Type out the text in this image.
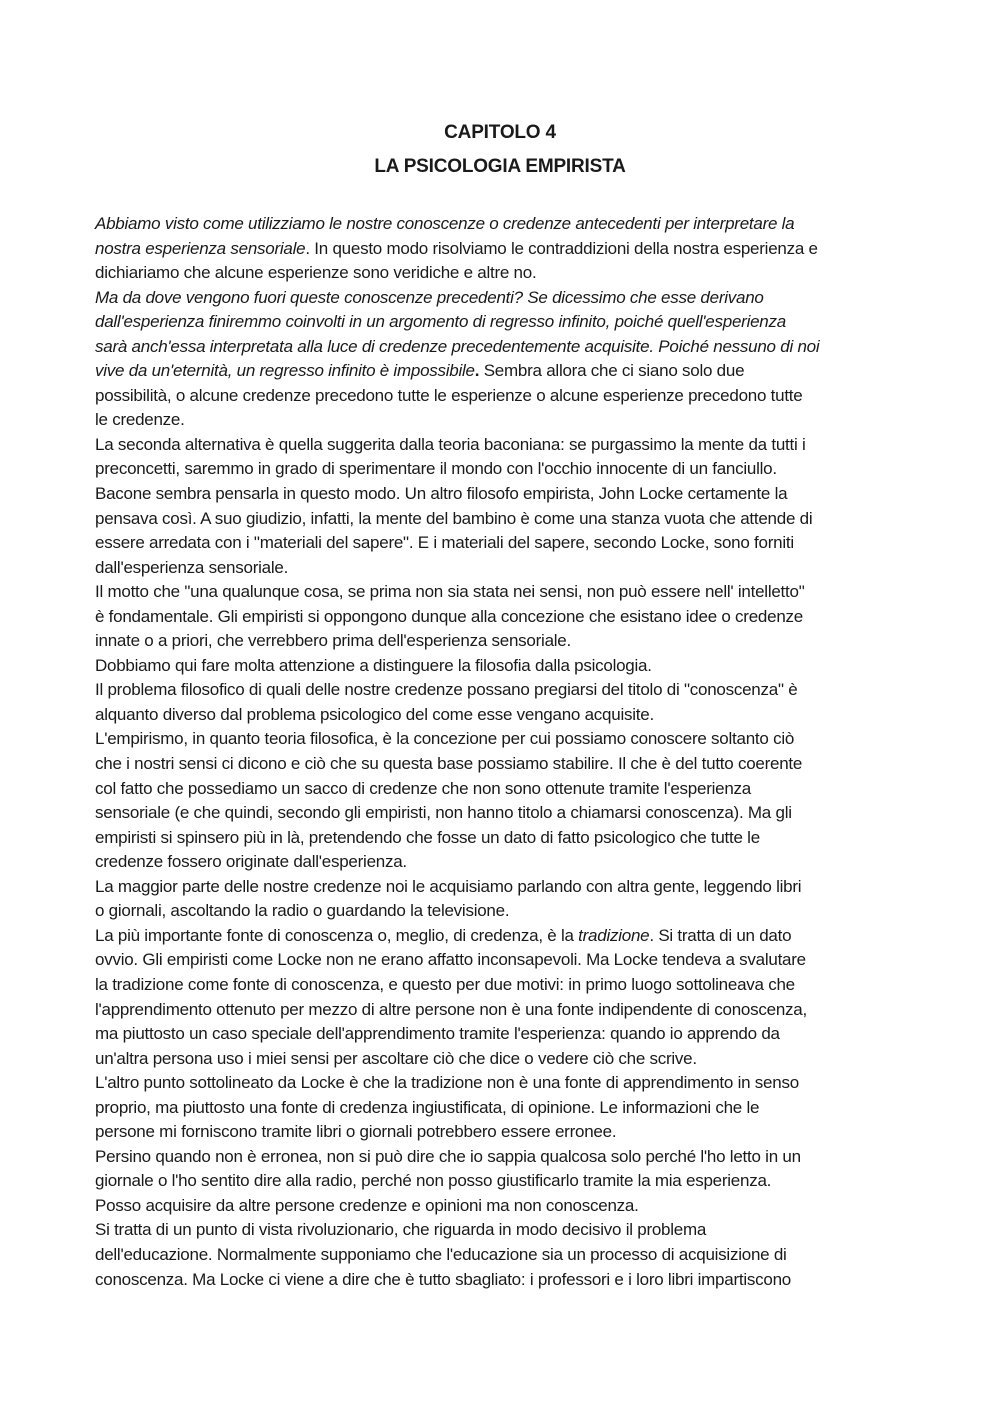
CAPITOLO 4
LA PSICOLOGIA EMPIRISTA
Abbiamo visto come utilizziamo le nostre conoscenze o credenze antecedenti per interpretare la
nostra esperienza sensoriale. In questo modo risolviamo le contraddizioni della nostra esperienza e
dichiariamo che alcune esperienze sono veridiche e altre no.
Ma da dove vengono fuori queste conoscenze precedenti? Se dicessimo che esse derivano
dall'esperienza finiremmo coinvolti in un argomento di regresso infinito, poiché quell'esperienza
sarà anch'essa interpretata alla luce di credenze precedentemente acquisite. Poiché nessuno di noi
vive da un'eternità, un regresso infinito è impossibile. Sembra allora che ci siano solo due
possibilità, o alcune credenze precedono tutte le esperienze o alcune esperienze precedono tutte
le credenze.
La seconda alternativa è quella suggerita dalla teoria baconiana: se purgassimo la mente da tutti i
preconcetti, saremmo in grado di sperimentare il mondo con l'occhio innocente di un fanciullo.
Bacone sembra pensarla in questo modo. Un altro filosofo empirista, John Locke certamente la
pensava così. A suo giudizio, infatti, la mente del bambino è come una stanza vuota che attende di
essere arredata con i "materiali del sapere". E i materiali del sapere, secondo Locke, sono forniti
dall'esperienza sensoriale.
Il motto che "una qualunque cosa, se prima non sia stata nei sensi, non può essere nell' intelletto"
è fondamentale. Gli empiristi si oppongono dunque alla concezione che esistano idee o credenze
innate o a priori, che verrebbero prima dell'esperienza sensoriale.
Dobbiamo qui fare molta attenzione a distinguere la filosofia dalla psicologia.
Il problema filosofico di quali delle nostre credenze possano pregiarsi del titolo di "conoscenza" è
alquanto diverso dal problema psicologico del come esse vengano acquisite.
L'empirismo, in quanto teoria filosofica, è la concezione per cui possiamo conoscere soltanto ciò
che i nostri sensi ci dicono e ciò che su questa base possiamo stabilire. Il che è del tutto coerente
col fatto che possediamo un sacco di credenze che non sono ottenute tramite l'esperienza
sensoriale (e che quindi, secondo gli empiristi, non hanno titolo a chiamarsi conoscenza). Ma gli
empiristi si spinsero più in là, pretendendo che fosse un dato di fatto psicologico che tutte le
credenze fossero originate dall'esperienza.
La maggior parte delle nostre credenze noi le acquisiamo parlando con altra gente, leggendo libri
o giornali, ascoltando la radio o guardando la televisione.
La più importante fonte di conoscenza o, meglio, di credenza, è la tradizione. Si tratta di un dato
ovvio. Gli empiristi come Locke non ne erano affatto inconsapevoli. Ma Locke tendeva a svalutare
la tradizione come fonte di conoscenza, e questo per due motivi: in primo luogo sottolineava che
l'apprendimento ottenuto per mezzo di altre persone non è una fonte indipendente di conoscenza,
ma piuttosto un caso speciale dell'apprendimento tramite l'esperienza: quando io apprendo da
un'altra persona uso i miei sensi per ascoltare ciò che dice o vedere ciò che scrive.
L'altro punto sottolineato da Locke è che la tradizione non è una fonte di apprendimento in senso
proprio, ma piuttosto una fonte di credenza ingiustificata, di opinione. Le informazioni che le
persone mi forniscono tramite libri o giornali potrebbero essere erronee.
Persino quando non è erronea, non si può dire che io sappia qualcosa solo perché l'ho letto in un
giornale o l'ho sentito dire alla radio, perché non posso giustificarlo tramite la mia esperienza.
Posso acquisire da altre persone credenze e opinioni ma non conoscenza.
Si tratta di un punto di vista rivoluzionario, che riguarda in modo decisivo il problema
dell'educazione. Normalmente supponiamo che l'educazione sia un processo di acquisizione di
conoscenza. Ma Locke ci viene a dire che è tutto sbagliato: i professori e i loro libri impartiscono
